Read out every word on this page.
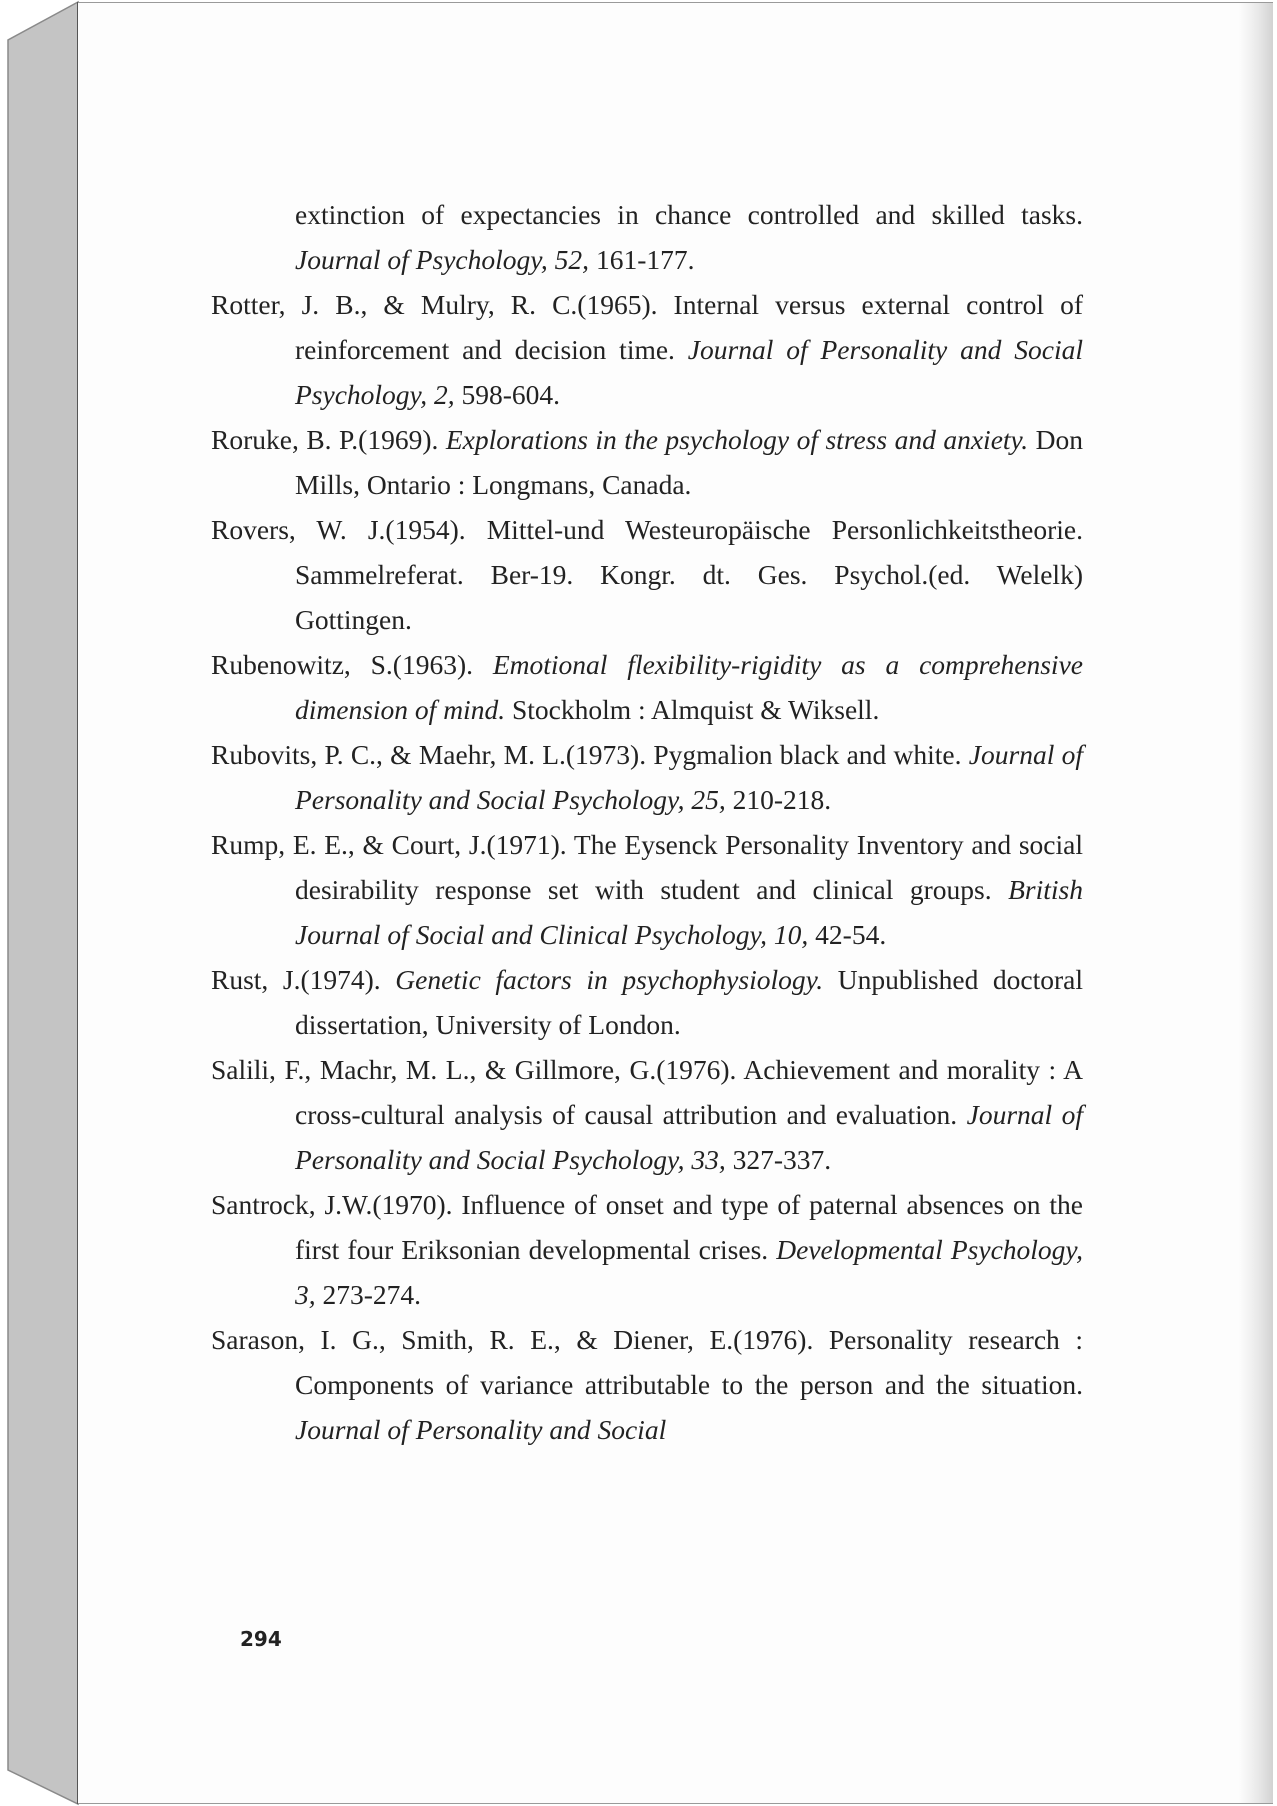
extinction of expectancies in chance controlled and skilled tasks. Journal of Psychology, 52, 161-177.

Rotter, J. B., & Mulry, R. C.(1965). Internal versus external control of reinforcement and decision time. Journal of Personality and Social Psychology, 2, 598-604.

Roruke, B. P.(1969). Explorations in the psychology of stress and anxiety. Don Mills, Ontario : Longmans, Canada.

Rovers, W. J.(1954). Mittel-und Westeuropäische Personlichkeitstheorie. Sammelreferat. Ber-19. Kongr. dt. Ges. Psychol.(ed. Welelk) Gottingen.

Rubenowitz, S.(1963). Emotional flexibility-rigidity as a comprehensive dimension of mind. Stockholm : Almquist & Wiksell.

Rubovits, P. C., & Maehr, M. L.(1973). Pygmalion black and white. Journal of Personality and Social Psychology, 25, 210-218.

Rump, E. E., & Court, J.(1971). The Eysenck Personality Inventory and social desirability response set with student and clinical groups. British Journal of Social and Clinical Psychology, 10, 42-54.

Rust, J.(1974). Genetic factors in psychophysiology. Unpublished doctoral dissertation, University of London.

Salili, F., Machr, M. L., & Gillmore, G.(1976). Achievement and morality : A cross-cultural analysis of causal attribution and evaluation. Journal of Personality and Social Psychology, 33, 327-337.

Santrock, J.W.(1970). Influence of onset and type of paternal absences on the first four Eriksonian developmental crises. Developmental Psychology, 3, 273-274.

Sarason, I. G., Smith, R. E., & Diener, E.(1976). Personality research : Components of variance attributable to the person and the situation. Journal of Personality and Social

294
